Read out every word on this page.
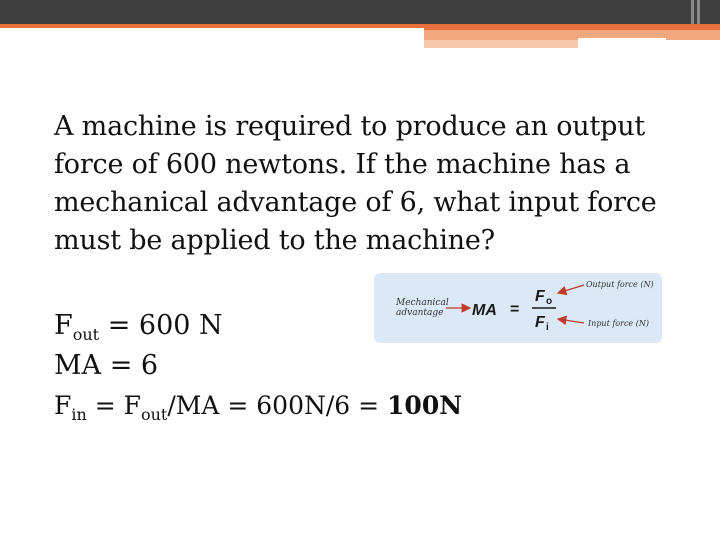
A machine is required to produce an output force of 600 newtons. If the machine has a mechanical advantage of 6, what input force must be applied to the machine?
$F_{out} = 600$ N
MA = 6
$F_{in} = F_{out}/MA = 600N/6 = 100N$
Mechanical
advantage MA =
F o
F i
Output force (N)
Input force (N)
